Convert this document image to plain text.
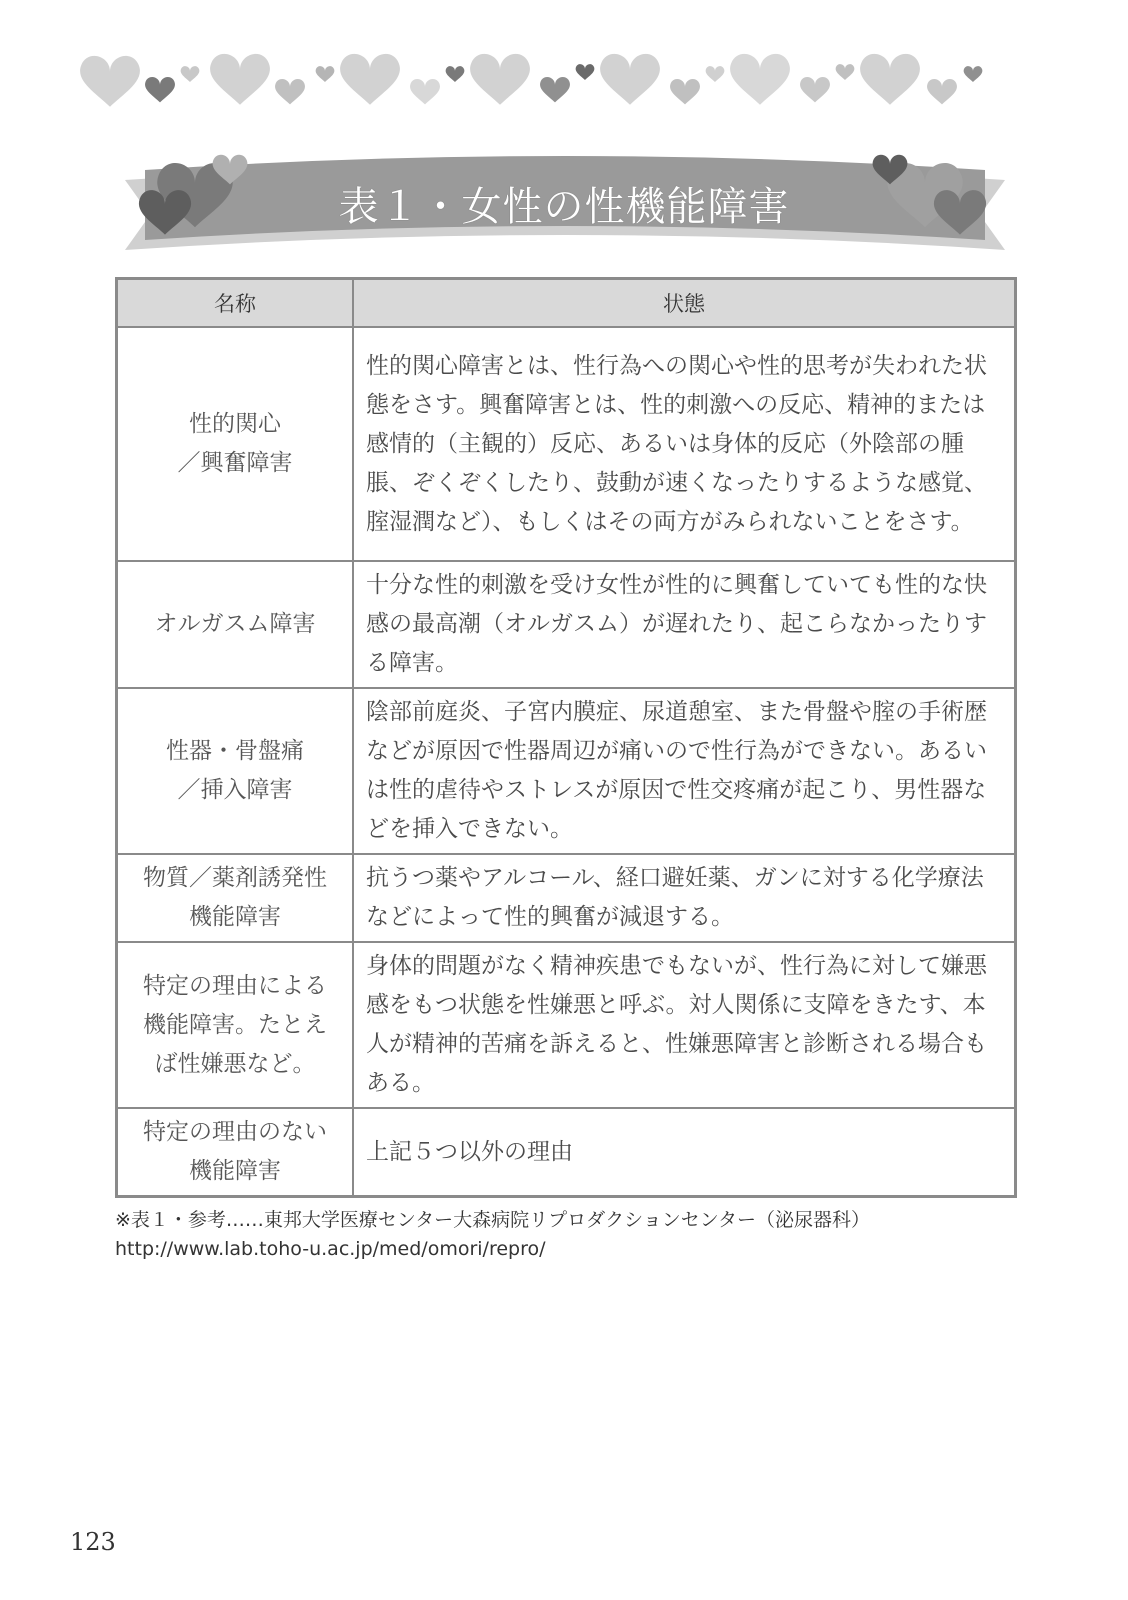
表１・女性の性機能障害
名称	状態
性的関心
／興奮障害	性的関心障害とは、性行為への関心や性的思考が失われた状態をさす。興奮障害とは、性的刺激への反応、精神的または感情的（主観的）反応、あるいは身体的反応（外陰部の腫脹、ぞくぞくしたり、鼓動が速くなったりするような感覚、腟湿潤など）、もしくはその両方がみられないことをさす。
オルガスム障害	十分な性的刺激を受け女性が性的に興奮していても性的な快感の最高潮（オルガスム）が遅れたり、起こらなかったりする障害。
性器・骨盤痛
／挿入障害	陰部前庭炎、子宮内膜症、尿道憩室、また骨盤や腟の手術歴などが原因で性器周辺が痛いので性行為ができない。あるいは性的虐待やストレスが原因で性交疼痛が起こり、男性器などを挿入できない。
物質／薬剤誘発性
機能障害	抗うつ薬やアルコール、経口避妊薬、ガンに対する化学療法などによって性的興奮が減退する。
特定の理由による
機能障害。たとえ
ば性嫌悪など。	身体的問題がなく精神疾患でもないが、性行為に対して嫌悪感をもつ状態を性嫌悪と呼ぶ。対人関係に支障をきたす、本人が精神的苦痛を訴えると、性嫌悪障害と診断される場合もある。
特定の理由のない
機能障害	上記５つ以外の理由
※表１・参考……東邦大学医療センター大森病院リプロダクションセンター（泌尿器科）
http://www.lab.toho-u.ac.jp/med/omori/repro/
123
